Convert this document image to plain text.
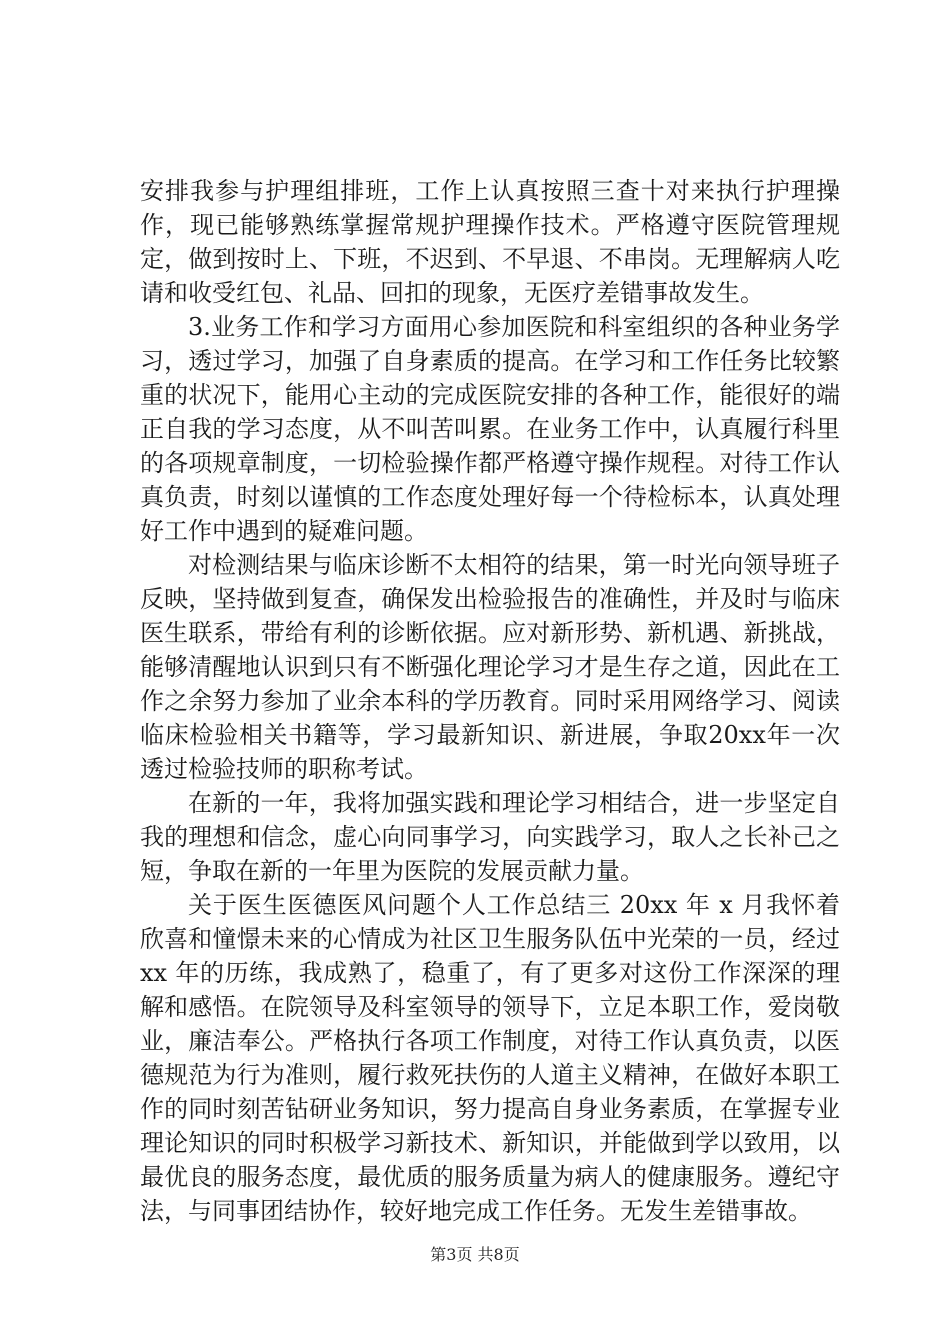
安排我参与护理组排班，工作上认真按照三查十对来执行护理操作，现已能够熟练掌握常规护理操作技术。严格遵守医院管理规定，做到按时上、下班，不迟到、不早退、不串岗。无理解病人吃请和收受红包、礼品、回扣的现象，无医疗差错事故发生。

3.业务工作和学习方面用心参加医院和科室组织的各种业务学习，透过学习，加强了自身素质的提高。在学习和工作任务比较繁重的状况下，能用心主动的完成医院安排的各种工作，能很好的端正自我的学习态度，从不叫苦叫累。在业务工作中，认真履行科里的各项规章制度，一切检验操作都严格遵守操作规程。对待工作认真负责，时刻以谨慎的工作态度处理好每一个待检标本，认真处理好工作中遇到的疑难问题。

对检测结果与临床诊断不太相符的结果，第一时光向领导班子反映，坚持做到复查，确保发出检验报告的准确性，并及时与临床医生联系，带给有利的诊断依据。应对新形势、新机遇、新挑战，能够清醒地认识到只有不断强化理论学习才是生存之道，因此在工作之余努力参加了业余本科的学历教育。同时采用网络学习、阅读临床检验相关书籍等，学习最新知识、新进展，争取20xx年一次透过检验技师的职称考试。

在新的一年，我将加强实践和理论学习相结合，进一步坚定自我的理想和信念，虚心向同事学习，向实践学习，取人之长补己之短，争取在新的一年里为医院的发展贡献力量。

关于医生医德医风问题个人工作总结三 20xx 年 x 月我怀着欣喜和憧憬未来的心情成为社区卫生服务队伍中光荣的一员，经过 xx 年的历练，我成熟了，稳重了，有了更多对这份工作深深的理解和感悟。在院领导及科室领导的领导下，立足本职工作，爱岗敬业，廉洁奉公。严格执行各项工作制度，对待工作认真负责，以医德规范为行为准则，履行救死扶伤的人道主义精神，在做好本职工作的同时刻苦钻研业务知识，努力提高自身业务素质，在掌握专业理论知识的同时积极学习新技术、新知识，并能做到学以致用，以最优良的服务态度，最优质的服务质量为病人的健康服务。遵纪守法，与同事团结协作，较好地完成工作任务。无发生差错事故。

第3页 共8页
